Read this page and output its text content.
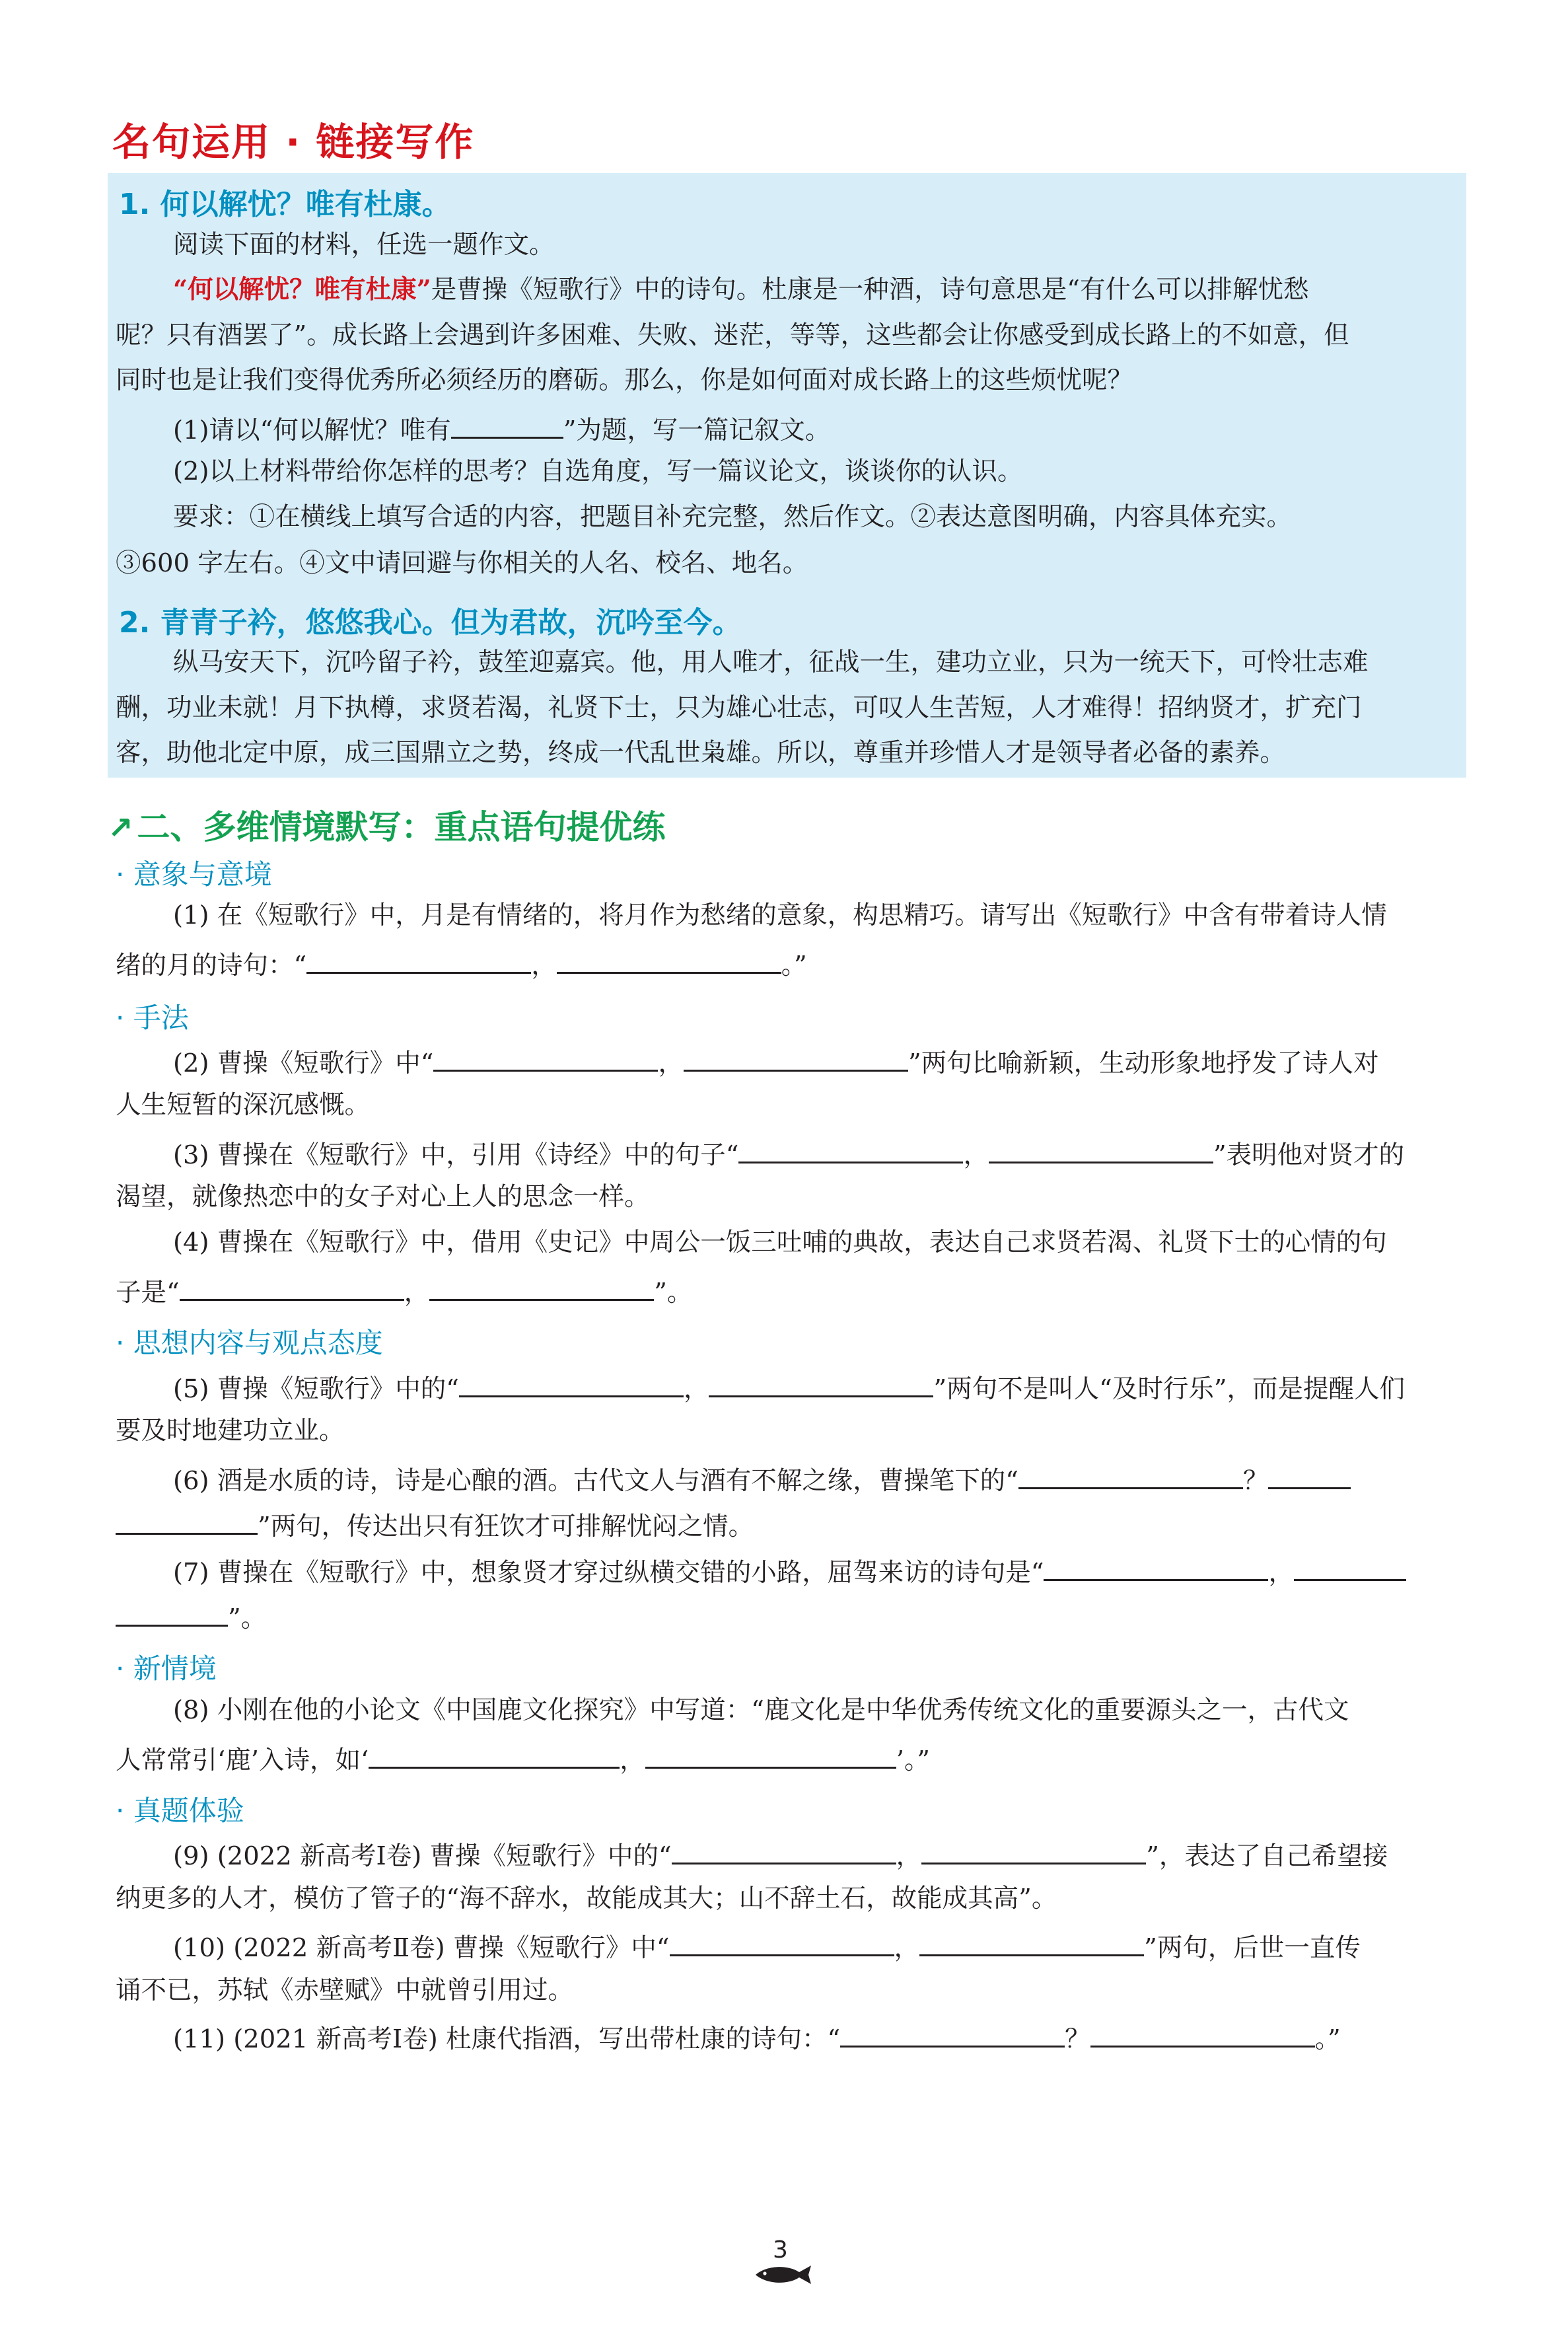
名句运用 · 链接写作
1. 何以解忧？唯有杜康。
阅读下面的材料，任选一题作文。
“何以解忧？唯有杜康”是曹操《短歌行》中的诗句。杜康是一种酒，诗句意思是“有什么可以排解忧愁
呢？只有酒罢了”。成长路上会遇到许多困难、失败、迷茫，等等，这些都会让你感受到成长路上的不如意，但
同时也是让我们变得优秀所必须经历的磨砺。那么，你是如何面对成长路上的这些烦忧呢？
(1)请以“何以解忧？唯有	”为题，写一篇记叙文。
(2)以上材料带给你怎样的思考？自选角度，写一篇议论文，谈谈你的认识。
要求：①在横线上填写合适的内容，把题目补充完整，然后作文。②表达意图明确，内容具体充实。
③600 字左右。④文中请回避与你相关的人名、校名、地名。
2. 青青子衿，悠悠我心。但为君故，沉吟至今。
纵马安天下，沉吟留子衿，鼓笙迎嘉宾。他，用人唯才，征战一生，建功立业，只为一统天下，可怜壮志难
酬，功业未就！月下执樽，求贤若渴，礼贤下士，只为雄心壮志，可叹人生苦短，人才难得！招纳贤才，扩充门
客，助他北定中原，成三国鼎立之势，终成一代乱世枭雄。所以，尊重并珍惜人才是领导者必备的素养。
↗ 二、多维情境默写：重点语句提优练
· 意象与意境
(1) 在《短歌行》中，月是有情绪的，将月作为愁绪的意象，构思精巧。请写出《短歌行》中含有带着诗人情
绪的月的诗句：“	，	。”
· 手法
(2) 曹操《短歌行》中“	，	”两句比喻新颖，生动形象地抒发了诗人对
人生短暂的深沉感慨。
(3) 曹操在《短歌行》中，引用《诗经》中的句子“	，	”表明他对贤才的
渴望，就像热恋中的女子对心上人的思念一样。
(4) 曹操在《短歌行》中，借用《史记》中周公一饭三吐哺的典故，表达自己求贤若渴、礼贤下士的心情的句
子是“	，	”。
· 思想内容与观点态度
(5) 曹操《短歌行》中的“	，	”两句不是叫人“及时行乐”，而是提醒人们
要及时地建功立业。
(6) 酒是水质的诗，诗是心酿的酒。古代文人与酒有不解之缘，曹操笔下的“	？
”两句，传达出只有狂饮才可排解忧闷之情。
(7) 曹操在《短歌行》中，想象贤才穿过纵横交错的小路，屈驾来访的诗句是“	，
”。
· 新情境
(8) 小刚在他的小论文《中国鹿文化探究》中写道：“鹿文化是中华优秀传统文化的重要源头之一，古代文
人常常引‘鹿’入诗，如‘	，	’。”
· 真题体验
(9) (2022 新高考Ⅰ卷) 曹操《短歌行》中的“	，	”，表达了自己希望接
纳更多的人才，模仿了管子的“海不辞水，故能成其大；山不辞土石，故能成其高”。
(10) (2022 新高考Ⅱ卷) 曹操《短歌行》中“	，	”两句，后世一直传
诵不已，苏轼《赤壁赋》中就曾引用过。
(11) (2021 新高考Ⅰ卷) 杜康代指酒，写出带杜康的诗句：“	？	。”
3
